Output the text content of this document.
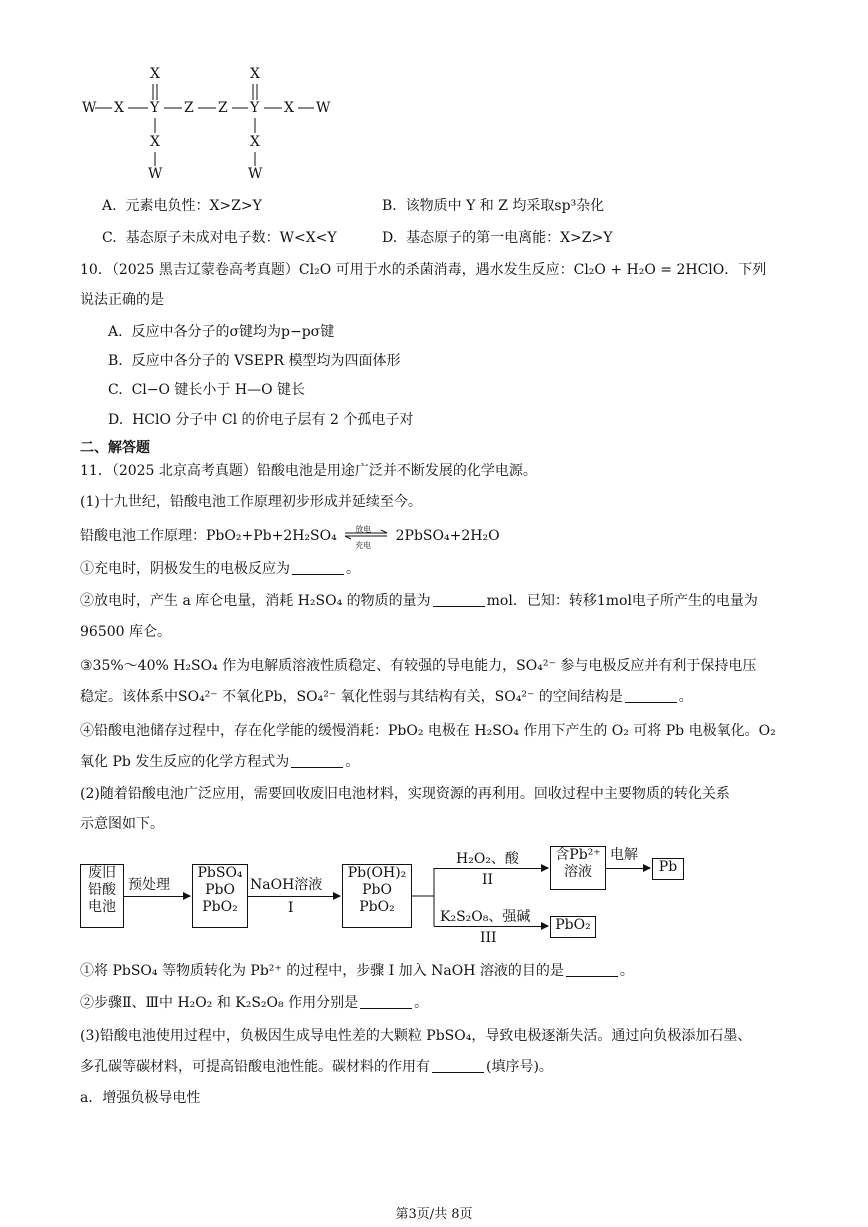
W X Y Z Z Y X W
X	X
X	X
W	W
A. 元素电负性：X>Z>Y	B. 该物质中 Y 和 Z 均采取sp³杂化
C. 基态原子未成对电子数：W<X<Y	D. 基态原子的第一电离能：X>Z>Y
10．（2025 黑吉辽蒙卷高考真题）Cl₂O 可用于水的杀菌消毒，遇水发生反应：Cl₂O + H₂O = 2HClO．下列
说法正确的是
A. 反应中各分子的σ键均为p−pσ键
B. 反应中各分子的 VSEPR 模型均为四面体形
C. Cl−O 键长小于 H—O 键长
D. HClO 分子中 Cl 的价电子层有 2 个孤电子对
二、解答题
11．（2025 北京高考真题）铅酸电池是用途广泛并不断发展的化学电源。
(1)十九世纪，铅酸电池工作原理初步形成并延续至今。
铅酸电池工作原理：PbO₂+Pb+2H₂SO₄ 放电
充电
2PbSO₄+2H₂O
①充电时，阴极发生的电极反应为	。
②放电时，产生 a 库仑电量，消耗 H₂SO₄ 的物质的量为	mol．已知：转移1mol电子所产生的电量为
96500 库仑。
③35%～40% H₂SO₄ 作为电解质溶液性质稳定、有较强的导电能力，SO₄²⁻ 参与电极反应并有利于保持电压
稳定。该体系中SO₄²⁻ 不氧化Pb，SO₄²⁻ 氧化性弱与其结构有关，SO₄²⁻ 的空间结构是	。
④铅酸电池储存过程中，存在化学能的缓慢消耗：PbO₂ 电极在 H₂SO₄ 作用下产生的 O₂ 可将 Pb 电极氧化。O₂
氧化 Pb 发生反应的化学方程式为	。
(2)随着铅酸电池广泛应用，需要回收废旧电池材料，实现资源的再利用。回收过程中主要物质的转化关系
示意图如下。
废旧
铅酸
电池
预处理
PbSO₄
PbO
PbO₂
NaOH溶液
I
Pb(OH)₂
PbO
PbO₂
H₂O₂、酸
II
K₂S₂O₈、强碱
III
含Pb²⁺
溶液
电解
Pb
PbO₂
①将 PbSO₄ 等物质转化为 Pb²⁺ 的过程中，步骤 I 加入 NaOH 溶液的目的是	。
②步骤Ⅱ、Ⅲ中 H₂O₂ 和 K₂S₂O₈ 作用分别是	。
(3)铅酸电池使用过程中，负极因生成导电性差的大颗粒 PbSO₄，导致电极逐渐失活。通过向负极添加石墨、
多孔碳等碳材料，可提高铅酸电池性能。碳材料的作用有	(填序号)。
a．增强负极导电性
第3页/共 8页
